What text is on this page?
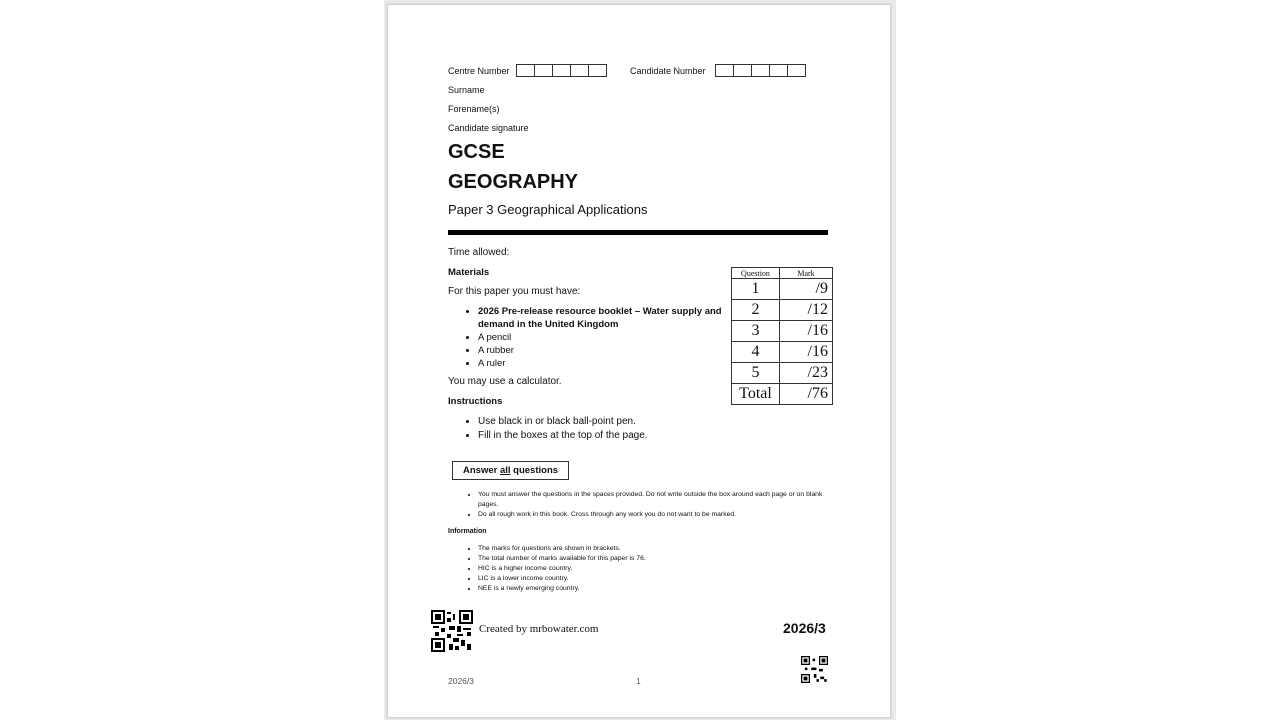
Centre Number	Candidate Number
Surname
Forename(s)
Candidate signature
GCSE
GEOGRAPHY
Paper 3 Geographical Applications
Time allowed:
Materials
For this paper you must have:
• 2026 Pre-release resource booklet – Water supply and demand in the United Kingdom
• A pencil
• A rubber
• A ruler
You may use a calculator.
Instructions
• Use black in or black ball-point pen.
• Fill in the boxes at the top of the page.
Answer all questions
• You must answer the questions in the spaces provided. Do not write outside the box around each page or on blank pages.
• Do all rough work in this book. Cross through any work you do not want to be marked.
Information
• The marks for questions are shown in brackets.
• The total number of marks available for this paper is 76.
• HIC is a higher income country.
• LIC is a lower income country.
• NEE is a newly emerging country.
Question	Mark
1	/9
2	/12
3	/16
4	/16
5	/23
Total	/76
Created by mrbowater.com	2026/3
2026/3	1
